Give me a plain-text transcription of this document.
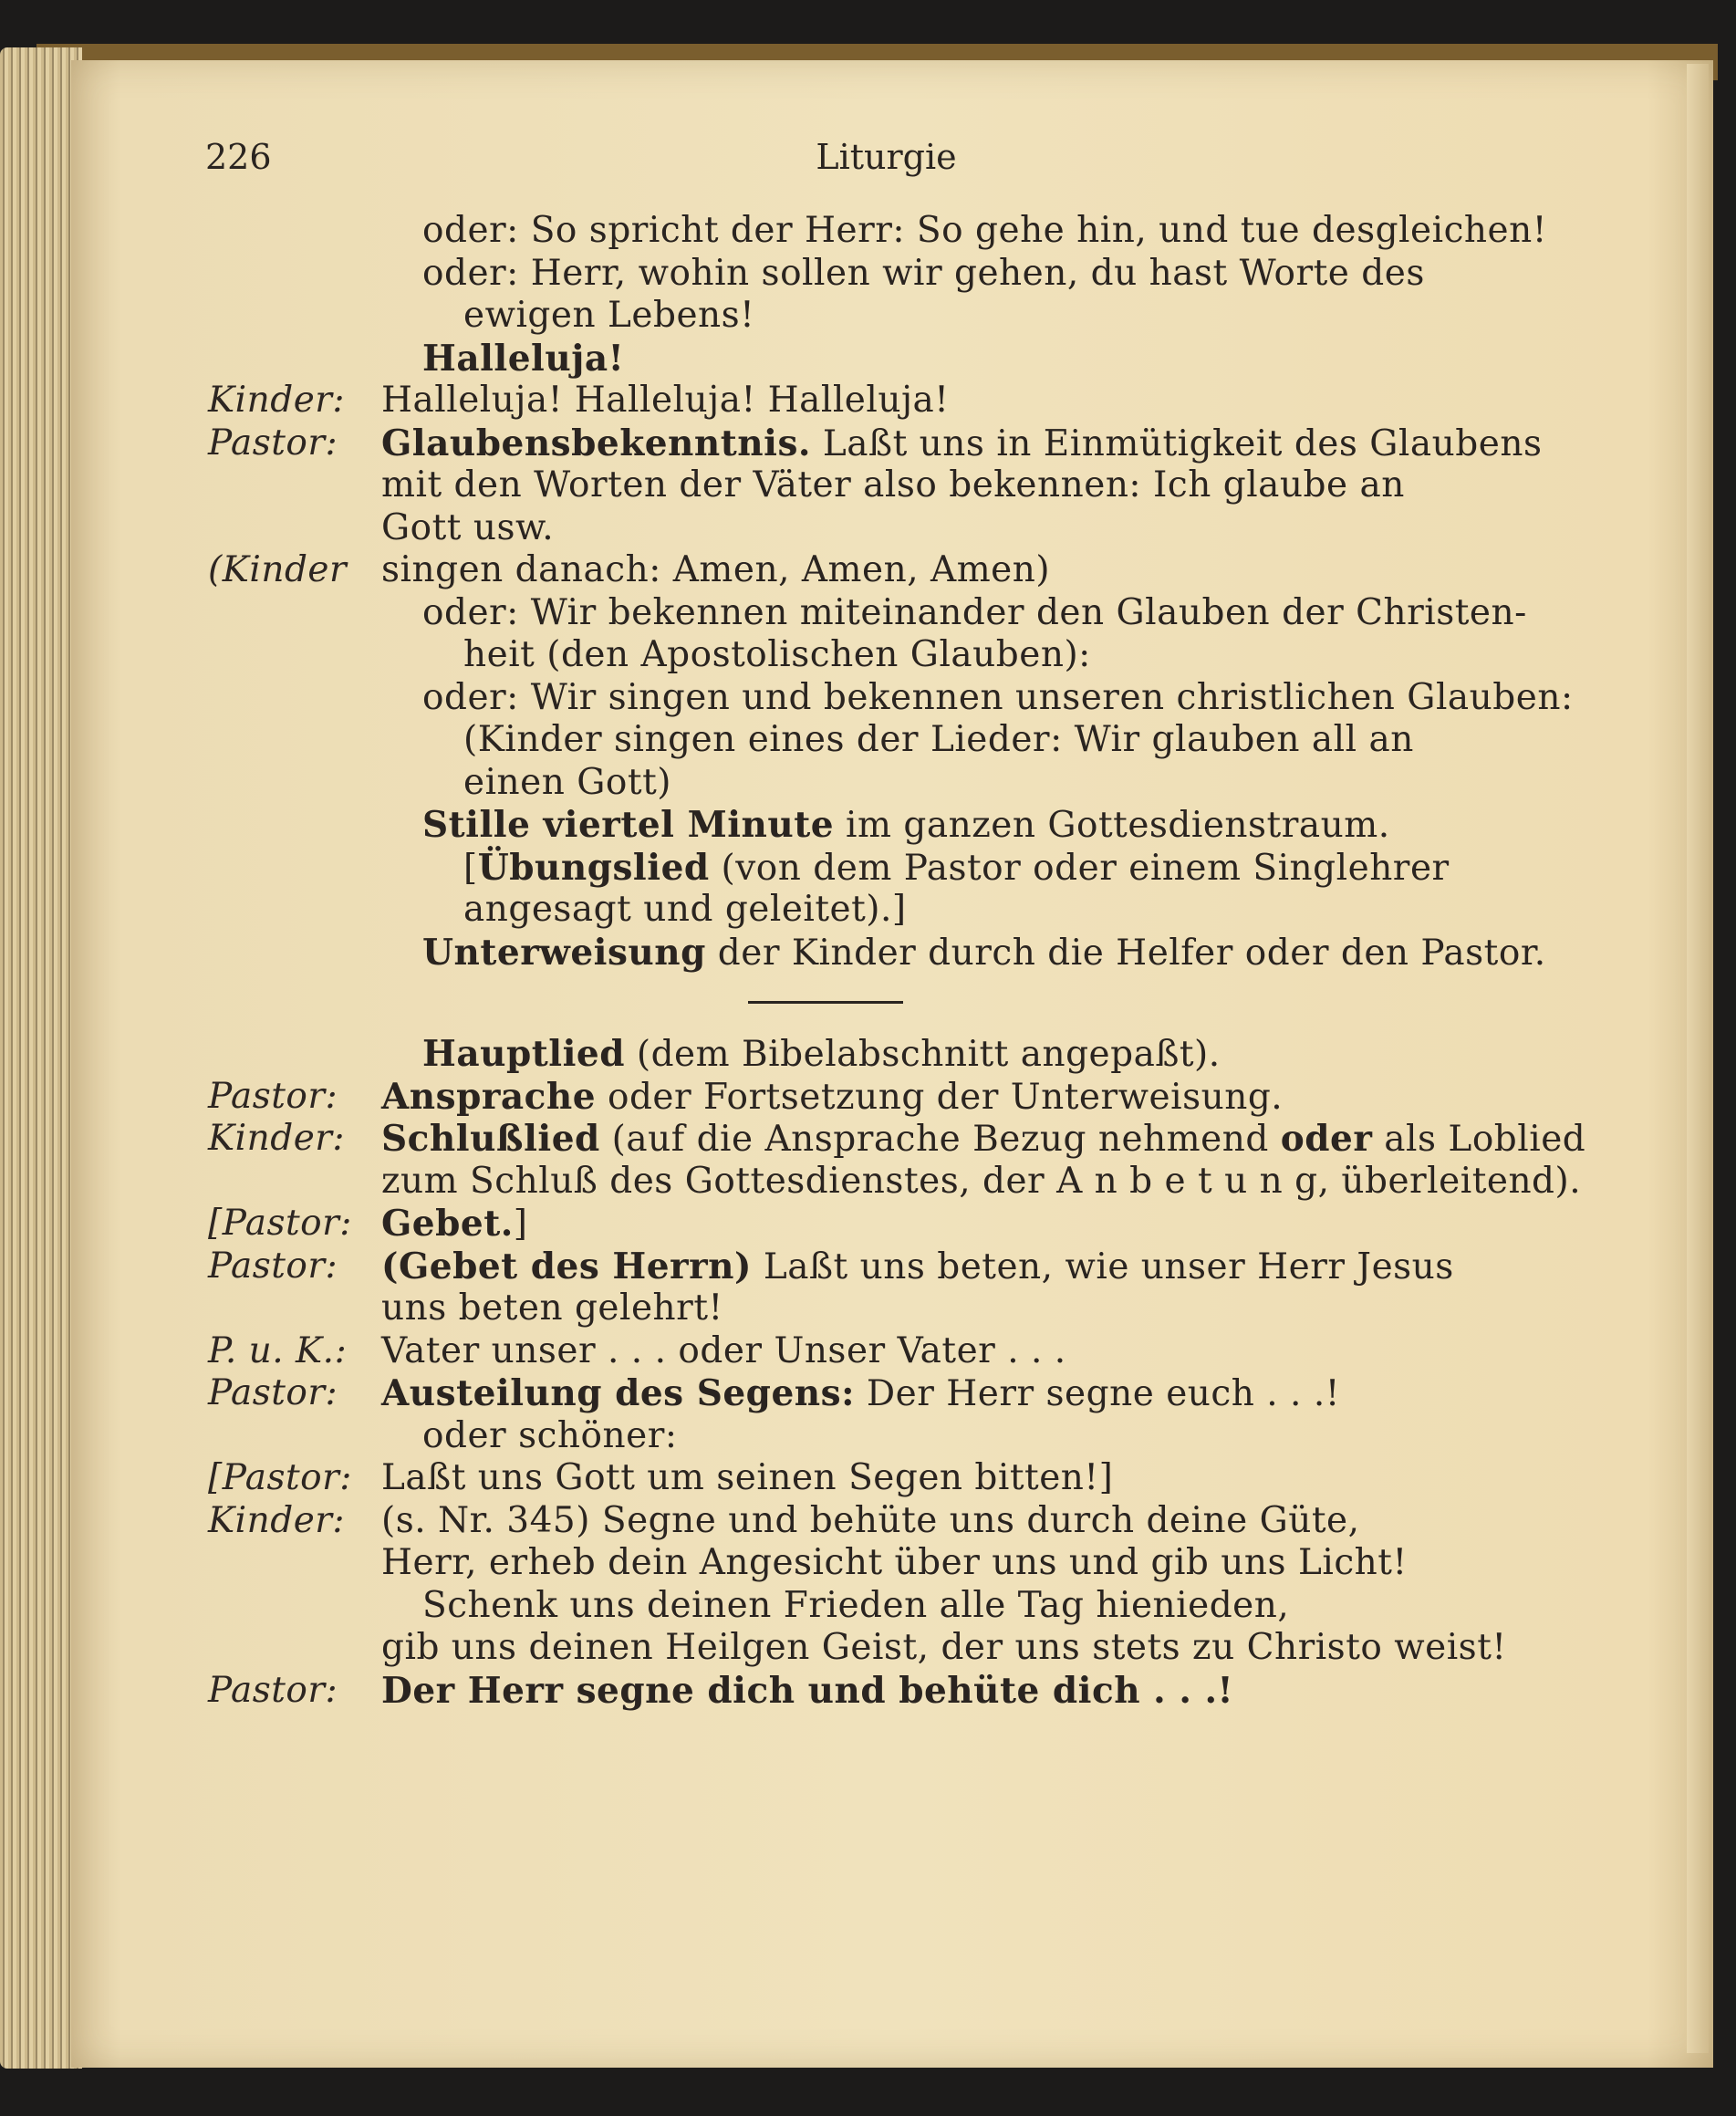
226	Liturgie
oder: So spricht der Herr: So gehe hin, und tue desgleichen!
oder: Herr, wohin sollen wir gehen, du hast Worte des
ewigen Lebens!
Halleluja!
Kinder: Halleluja! Halleluja! Halleluja!
Pastor: Glaubensbekenntnis. Laßt uns in Einmütigkeit des Glaubens
mit den Worten der Väter also bekennen: Ich glaube an
Gott usw.
(Kinder singen danach: Amen, Amen, Amen)
oder: Wir bekennen miteinander den Glauben der Christen-
heit (den Apostolischen Glauben):
oder: Wir singen und bekennen unseren christlichen Glauben:
(Kinder singen eines der Lieder: Wir glauben all an
einen Gott)
Stille viertel Minute im ganzen Gottesdienstraum.
[Übungslied (von dem Pastor oder einem Singlehrer
angesagt und geleitet).]
Unterweisung der Kinder durch die Helfer oder den Pastor.
Hauptlied (dem Bibelabschnitt angepaßt).
Pastor: Ansprache oder Fortsetzung der Unterweisung.
Kinder: Schlußlied (auf die Ansprache Bezug nehmend oder als Loblied
zum Schluß des Gottesdienstes, der A n b e t u n g, überleitend).
[Pastor: Gebet.]
Pastor: (Gebet des Herrn) Laßt uns beten, wie unser Herr Jesus
uns beten gelehrt!
P. u. K.: Vater unser . . . oder Unser Vater . . .
Pastor: Austeilung des Segens: Der Herr segne euch . . .!
oder schöner:
[Pastor: Laßt uns Gott um seinen Segen bitten!]
Kinder: (s. Nr. 345) Segne und behüte uns durch deine Güte,
Herr, erheb dein Angesicht über uns und gib uns Licht!
Schenk uns deinen Frieden alle Tag hienieden,
gib uns deinen Heilgen Geist, der uns stets zu Christo weist!
Pastor: Der Herr segne dich und behüte dich . . .!
